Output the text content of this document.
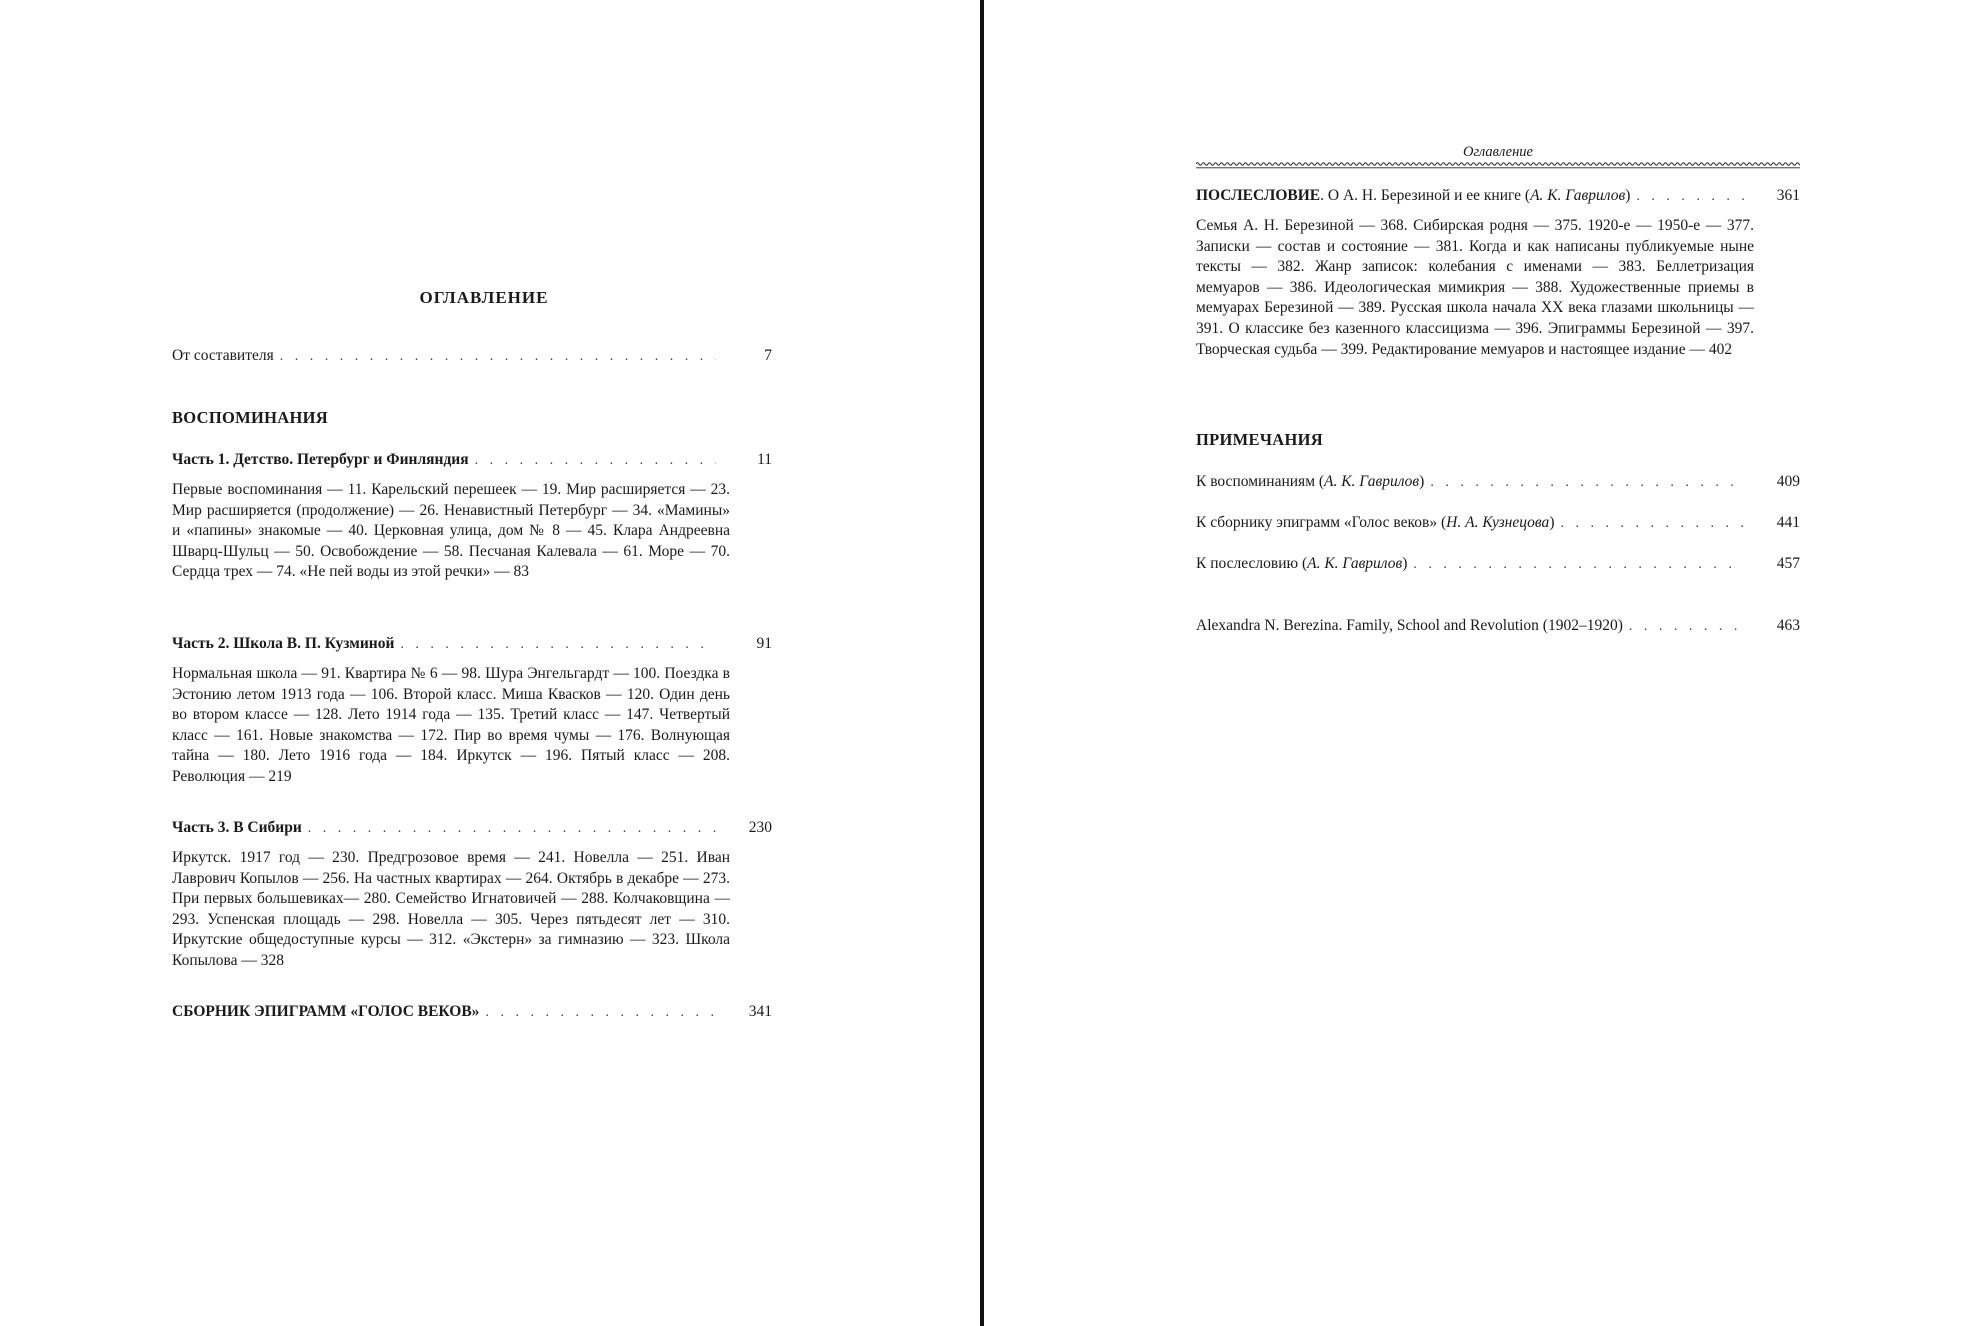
ОГЛАВЛЕНИЕ
От составителя . . .	7
ВОСПОМИНАНИЯ
Часть 1. Детство. Петербург и Финляндия . . .	11
Первые воспоминания — 11. Карельский перешеек — 19. Мир расширяется — 23. Мир расширяется (продолжение) — 26. Ненавистный Петербург — 34. «Мамины» и «папины» знакомые — 40. Церковная улица, дом № 8 — 45. Клара Андреевна Шварц-Шульц — 50. Освобождение — 58. Песчаная Калевала — 61. Море — 70. Сердца трех — 74. «Не пей воды из этой речки» — 83
Часть 2. Школа В. П. Кузминой . . .	91
Нормальная школа — 91. Квартира № 6 — 98. Шура Энгельгардт — 100. Поездка в Эстонию летом 1913 года — 106. Второй класс. Миша Квасков — 120. Один день во втором классе — 128. Лето 1914 года — 135. Третий класс — 147. Четвертый класс — 161. Новые знакомства — 172. Пир во время чумы — 176. Волнующая тайна — 180. Лето 1916 года — 184. Иркутск — 196. Пятый класс — 208. Революция — 219
Часть 3. В Сибири . . .	230
Иркутск. 1917 год — 230. Предгрозовое время — 241. Новелла — 251. Иван Лаврович Копылов — 256. На частных квартирах — 264. Октябрь в декабре — 273. При первых большевиках— 280. Семейство Игнатовичей — 288. Колчаковщина — 293. Успенская площадь — 298. Новелла — 305. Через пятьдесят лет — 310. Иркутские общедоступные курсы — 312. «Экстерн» за гимназию — 323. Школа Копылова — 328
СБОРНИК ЭПИГРАММ «ГОЛОС ВЕКОВ» . . .	341
Оглавление
ПОСЛЕСЛОВИЕ. О А. Н. Березиной и ее книге (А. К. Гаврилов) . . .	361
Семья А. Н. Березиной — 368. Сибирская родня — 375. 1920-е — 1950-е — 377. Записки — состав и состояние — 381. Когда и как написаны публикуемые ныне тексты — 382. Жанр записок: колебания с именами — 383. Беллетризация мемуаров — 386. Идеологическая мимикрия — 388. Художественные приемы в мемуарах Березиной — 389. Русская школа начала XX века глазами школьницы — 391. О классике без казенного классицизма — 396. Эпиграммы Березиной — 397. Творческая судьба — 399. Редактирование мемуаров и настоящее издание — 402
ПРИМЕЧАНИЯ
К воспоминаниям (А. К. Гаврилов) . . .	409
К сборнику эпиграмм «Голос веков» (Н. А. Кузнецова) . . .	441
К послесловию (А. К. Гаврилов) . . .	457
Alexandra N. Berezina. Family, School and Revolution (1902–1920) . . .	463
